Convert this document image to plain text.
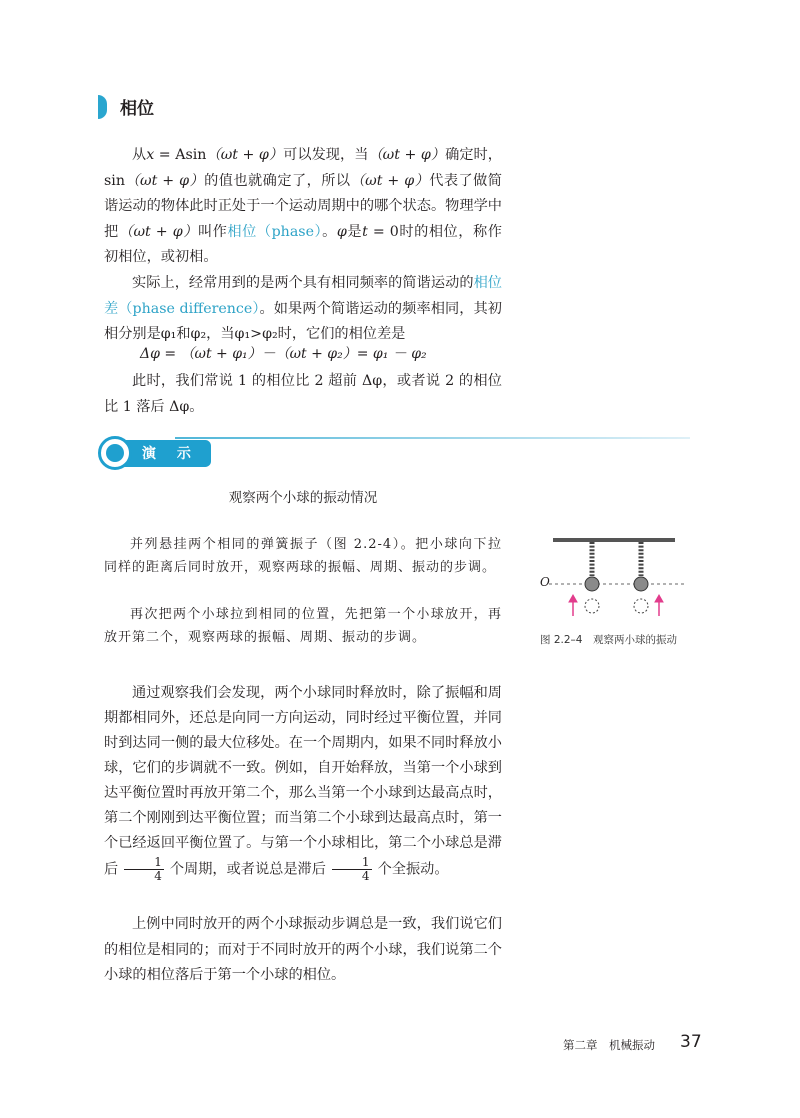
相位
从x = Asin（ωt + φ）可以发现，当（ωt + φ）确定时，sin（ωt + φ）的值也就确定了，所以（ωt + φ）代表了做简谐运动的物体此时正处于一个运动周期中的哪个状态。物理学中把（ωt + φ）叫作相位（phase）。φ是t = 0时的相位，称作初相位，或初相。
实际上，经常用到的是两个具有相同频率的简谐运动的相位差（phase difference）。如果两个简谐运动的频率相同，其初相分别是φ₁和φ₂，当φ₁>φ₂时，它们的相位差是
Δφ = （ωt + φ₁）－（ωt + φ₂）= φ₁ － φ₂
此时，我们常说 1 的相位比 2 超前 Δφ，或者说 2 的相位比 1 落后 Δφ。
演 示
观察两个小球的振动情况
并列悬挂两个相同的弹簧振子（图 2.2-4）。把小球向下拉同样的距离后同时放开，观察两球的振幅、周期、振动的步调。
再次把两个小球拉到相同的位置，先把第一个小球放开，再放开第二个，观察两球的振幅、周期、振动的步调。
O
图 2.2–4　观察两小球的振动
通过观察我们会发现，两个小球同时释放时，除了振幅和周期都相同外，还总是向同一方向运动，同时经过平衡位置，并同时到达同一侧的最大位移处。在一个周期内，如果不同时释放小球，它们的步调就不一致。例如，自开始释放，当第一个小球到达平衡位置时再放开第二个，那么当第一个小球到达最高点时，第二个刚刚到达平衡位置；而当第二个小球到达最高点时，第一个已经返回平衡位置了。与第一个小球相比，第二个小球总是滞后 $\frac{1}{4}$ 个周期，或者说总是滞后 $\frac{1}{4}$ 个全振动。
上例中同时放开的两个小球振动步调总是一致，我们说它们的相位是相同的；而对于不同时放开的两个小球，我们说第二个小球的相位落后于第一个小球的相位。
第二章　机械振动 37
